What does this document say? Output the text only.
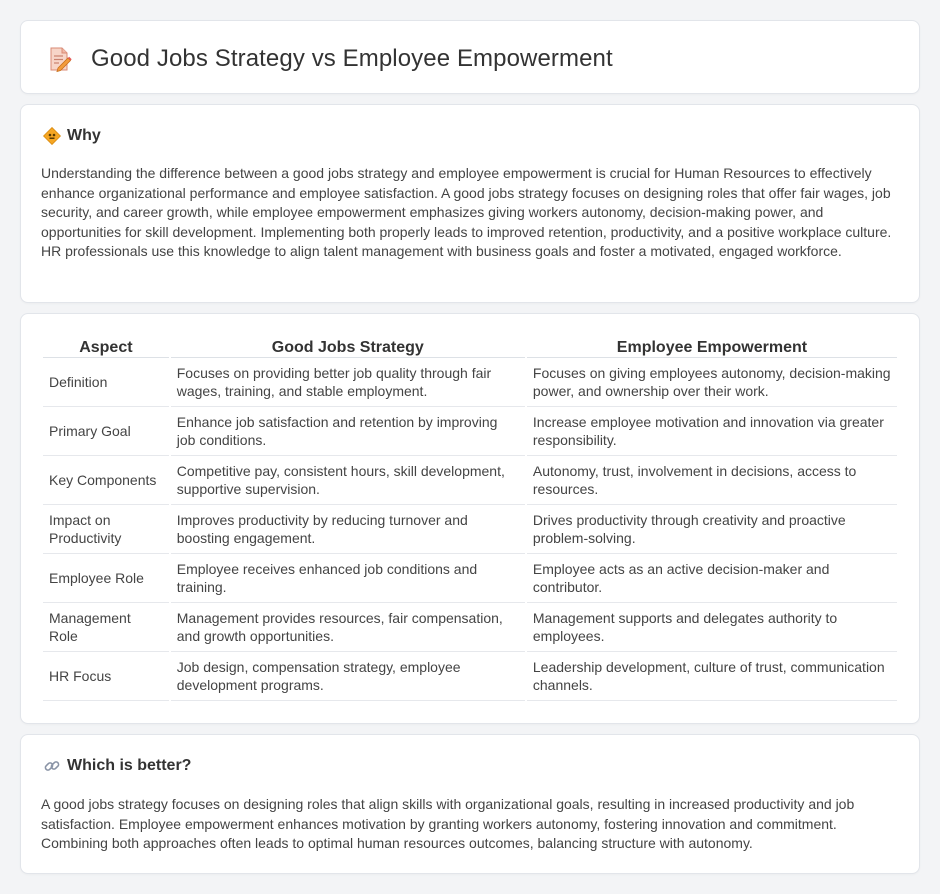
Good Jobs Strategy vs Employee Empowerment
Why

Understanding the difference between a good jobs strategy and employee empowerment is crucial for Human Resources to effectively enhance organizational performance and employee satisfaction. A good jobs strategy focuses on designing roles that offer fair wages, job security, and career growth, while employee empowerment emphasizes giving workers autonomy, decision-making power, and opportunities for skill development. Implementing both properly leads to improved retention, productivity, and a positive workplace culture. HR professionals use this knowledge to align talent management with business goals and foster a motivated, engaged workforce.

Aspect	Good Jobs Strategy	Employee Empowerment
Definition	Focuses on providing better job quality through fair wages, training, and stable employment.	Focuses on giving employees autonomy, decision-making power, and ownership over their work.
Primary Goal	Enhance job satisfaction and retention by improving job conditions.	Increase employee motivation and innovation via greater responsibility.
Key Components	Competitive pay, consistent hours, skill development, supportive supervision.	Autonomy, trust, involvement in decisions, access to resources.
Impact on Productivity	Improves productivity by reducing turnover and boosting engagement.	Drives productivity through creativity and proactive problem-solving.
Employee Role	Employee receives enhanced job conditions and training.	Employee acts as an active decision-maker and contributor.
Management Role	Management provides resources, fair compensation, and growth opportunities.	Management supports and delegates authority to employees.
HR Focus	Job design, compensation strategy, employee development programs.	Leadership development, culture of trust, communication channels.
Which is better?

A good jobs strategy focuses on designing roles that align skills with organizational goals, resulting in increased productivity and job satisfaction. Employee empowerment enhances motivation by granting workers autonomy, fostering innovation and commitment. Combining both approaches often leads to optimal human resources outcomes, balancing structure with autonomy.
